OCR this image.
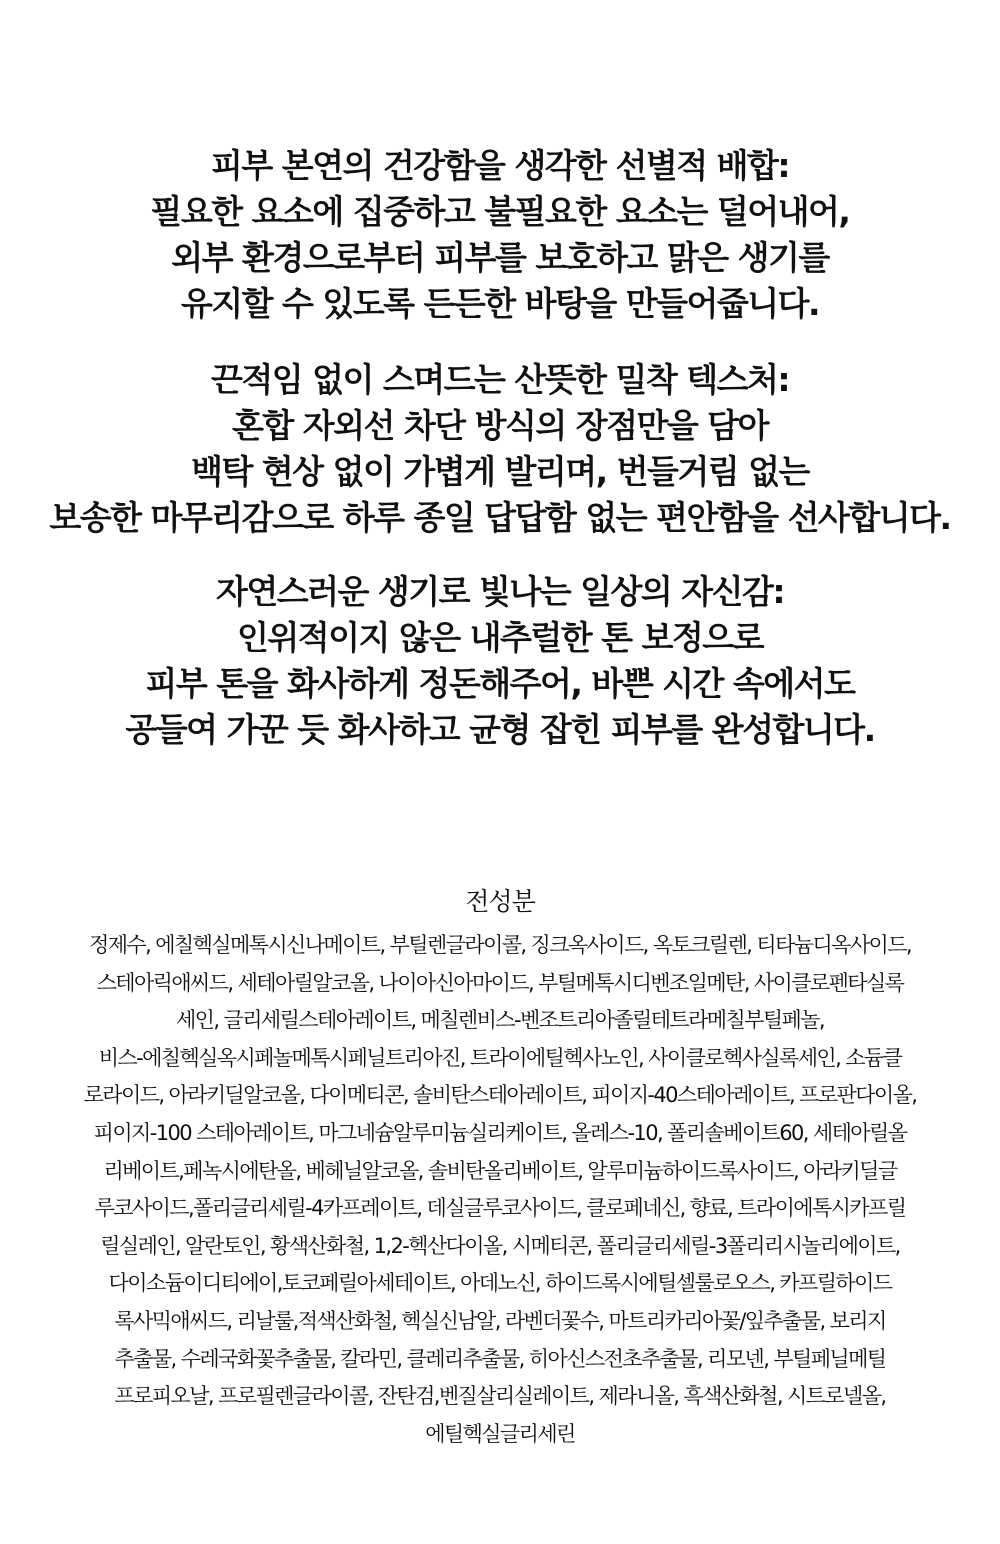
피부 본연의 건강함을 생각한 선별적 배합:
필요한 요소에 집중하고 불필요한 요소는 덜어내어,
외부 환경으로부터 피부를 보호하고 맑은 생기를
유지할 수 있도록 든든한 바탕을 만들어줍니다.
끈적임 없이 스며드는 산뜻한 밀착 텍스처:
혼합 자외선 차단 방식의 장점만을 담아
백탁 현상 없이 가볍게 발리며, 번들거림 없는
보송한 마무리감으로 하루 종일 답답함 없는 편안함을 선사합니다.
자연스러운 생기로 빛나는 일상의 자신감:
인위적이지 않은 내추럴한 톤 보정으로
피부 톤을 화사하게 정돈해주어, 바쁜 시간 속에서도
공들여 가꾼 듯 화사하고 균형 잡힌 피부를 완성합니다.
전성분
정제수, 에칠헥실메톡시신나메이트, 부틸렌글라이콜, 징크옥사이드, 옥토크릴렌, 티타늄디옥사이드,
스테아릭애씨드, 세테아릴알코올, 나이아신아마이드, 부틸메톡시디벤조일메탄, 사이클로펜타실록
세인, 글리세릴스테아레이트, 메칠렌비스-벤조트리아졸릴테트라메칠부틸페놀,
비스-에칠헥실옥시페놀메톡시페닐트리아진, 트라이에틸헥사노인, 사이클로헥사실록세인, 소듐클
로라이드, 아라키딜알코올, 다이메티콘, 솔비탄스테아레이트, 피이지-40스테아레이트, 프로판다이올,
피이지-100 스테아레이트, 마그네슘알루미늄실리케이트, 올레스-10, 폴리솔베이트60, 세테아릴올
리베이트,페녹시에탄올, 베헤닐알코올, 솔비탄올리베이트, 알루미늄하이드록사이드, 아라키딜글
루코사이드,폴리글리세릴-4카프레이트, 데실글루코사이드, 클로페네신, 향료, 트라이에톡시카프릴
릴실레인, 알란토인, 황색산화철, 1,2-헥산다이올, 시메티콘, 폴리글리세릴-3폴리리시놀리에이트,
다이소듐이디티에이,토코페릴아세테이트, 아데노신, 하이드록시에틸셀룰로오스, 카프릴하이드
록사믹애씨드, 리날룰,적색산화철, 헥실신남알, 라벤더꽃수, 마트리카리아꽃/잎추출물, 보리지
추출물, 수레국화꽃추출물, 칼라민, 클레리추출물, 히아신스전초추출물, 리모넨, 부틸페닐메틸
프로피오날, 프로필렌글라이콜, 잔탄검,벤질살리실레이트, 제라니올, 흑색산화철, 시트로넬올,
에틸헥실글리세린
